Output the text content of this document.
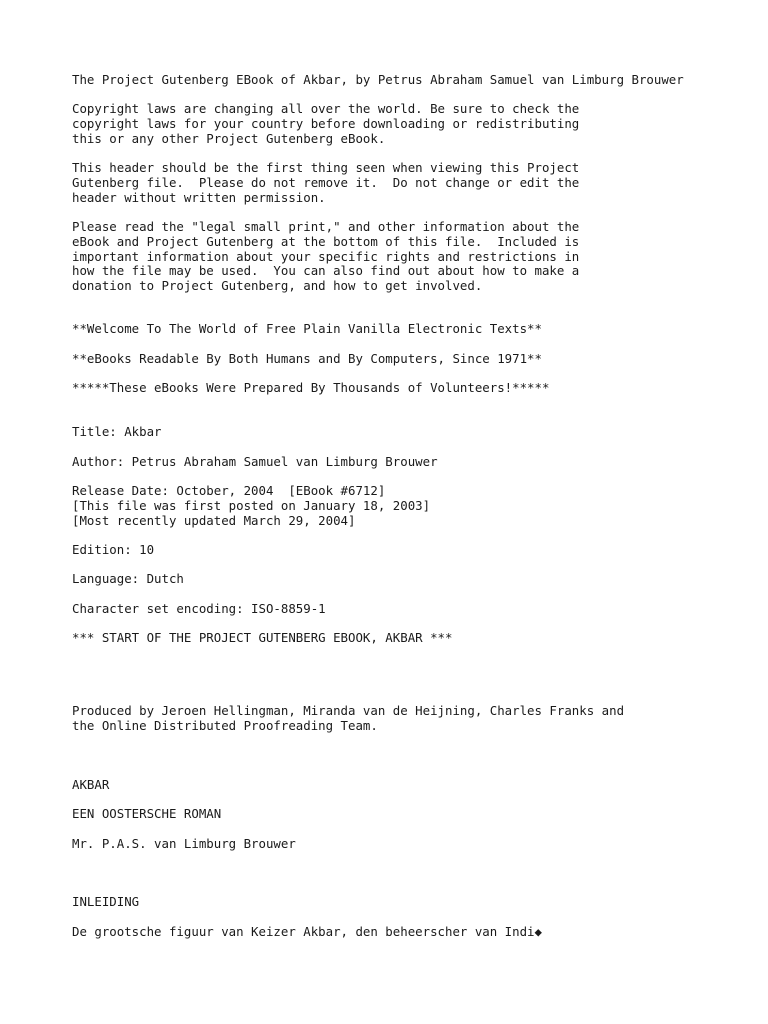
The Project Gutenberg EBook of Akbar, by Petrus Abraham Samuel van Limburg Brouwer

Copyright laws are changing all over the world. Be sure to check the

copyright laws for your country before downloading or redistributing

this or any other Project Gutenberg eBook.

This header should be the first thing seen when viewing this Project

Gutenberg file.  Please do not remove it.  Do not change or edit the

header without written permission.

Please read the "legal small print," and other information about the

eBook and Project Gutenberg at the bottom of this file.  Included is

important information about your specific rights and restrictions in

how the file may be used.  You can also find out about how to make a

donation to Project Gutenberg, and how to get involved.

**Welcome To The World of Free Plain Vanilla Electronic Texts**

**eBooks Readable By Both Humans and By Computers, Since 1971**

*****These eBooks Were Prepared By Thousands of Volunteers!*****

Title: Akbar

Author: Petrus Abraham Samuel van Limburg Brouwer

Release Date: October, 2004  [EBook #6712]

[This file was first posted on January 18, 2003]

[Most recently updated March 29, 2004]

Edition: 10

Language: Dutch

Character set encoding: ISO-8859-1

*** START OF THE PROJECT GUTENBERG EBOOK, AKBAR ***

Produced by Jeroen Hellingman, Miranda van de Heijning, Charles Franks and

the Online Distributed Proofreading Team.

AKBAR

EEN OOSTERSCHE ROMAN

Mr. P.A.S. van Limburg Brouwer

INLEIDING

De grootsche figuur van Keizer Akbar, den beheerscher van Indi◆
